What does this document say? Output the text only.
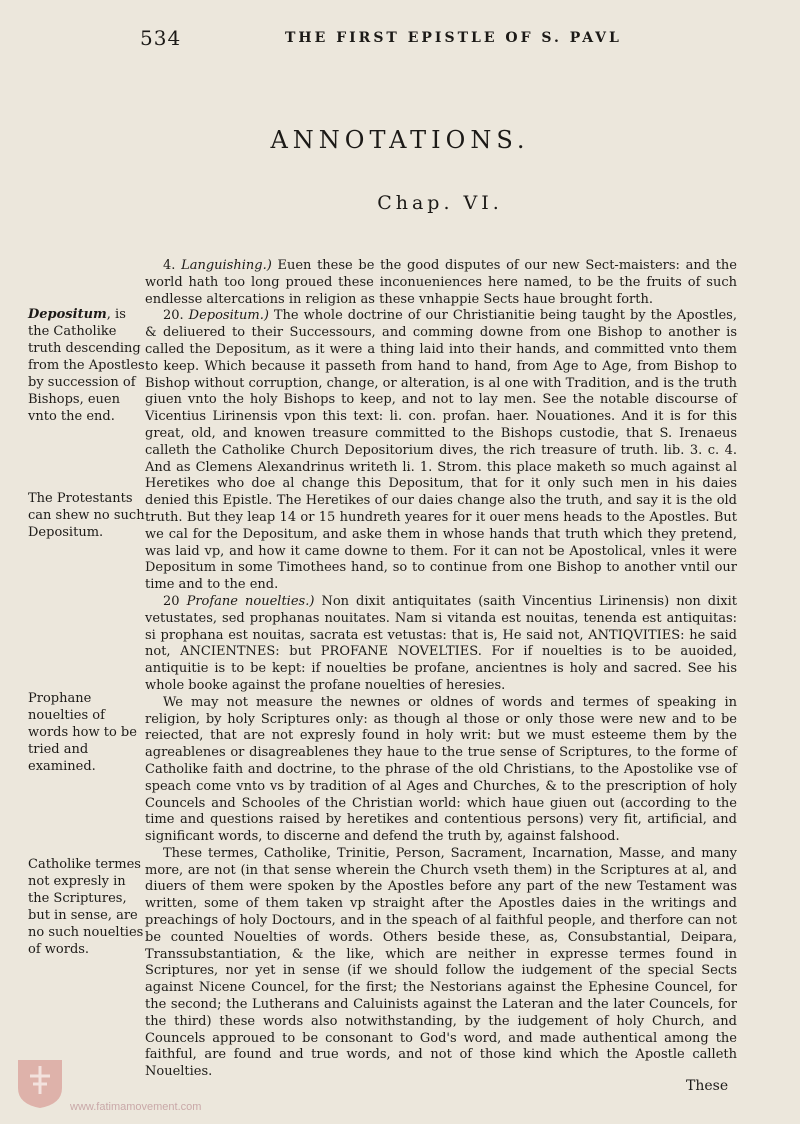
534	THE FIRST EPISTLE OF S. PAVL
ANNOTATIONS.
Chap. VI.
Depositum, is the Catholike truth descending from the Apostles by succession of Bishops, euen vnto the end.
The Protestants can shew no such Depositum.
Prophane nouelties of words how to be tried and examined.
Catholike termes not expresly in the Scriptures, but in sense, are no such nouelties of words.

4. Languishing.) Euen these be the good disputes of our new Sect-maisters: and the world hath too long proued these inconueniences here named, to be the fruits of such endlesse altercations in religion as these vnhappie Sects haue brought forth.

20. Depositum.) The whole doctrine of our Christianitie being taught by the Apostles, & deliuered to their Successours, and comming downe from one Bishop to another is called the Depositum, as it were a thing laid into their hands, and committed vnto them to keep. Which because it passeth from hand to hand, from Age to Age, from Bishop to Bishop without corruption, change, or alteration, is al one with Tradition, and is the truth giuen vnto the holy Bishops to keep, and not to lay men. See the notable discourse of Vicentius Lirinensis vpon this text: li. con. profan. haer. Nouationes. And it is for this great, old, and knowen treasure committed to the Bishops custodie, that S. Irenaeus calleth the Catholike Church Depositorium dives, the rich treasure of truth. lib. 3. c. 4. And as Clemens Alexandrinus writeth li. 1. Strom. this place maketh so much against al Heretikes who doe al change this Depositum, that for it only such men in his daies denied this Epistle. The Heretikes of our daies change also the truth, and say it is the old truth. But they leap 14 or 15 hundreth yeares for it ouer mens heads to the Apostles. But we cal for the Depositum, and aske them in whose hands that truth which they pretend, was laid vp, and how it came downe to them. For it can not be Apostolical, vnles it were Depositum in some Timothees hand, so to continue from one Bishop to another vntil our time and to the end.

20 Profane nouelties.) Non dixit antiquitates (saith Vincentius Lirinensis) non dixit vetustates, sed prophanas nouitates. Nam si vitanda est nouitas, tenenda est antiquitas: si prophana est nouitas, sacrata est vetustas: that is, He said not, ANTIQVITIES: he said not, ANCIENTNES: but PROFANE NOVELTIES. For if nouelties is to be auoided, antiquitie is to be kept: if nouelties be profane, ancientnes is holy and sacred. See his whole booke against the profane nouelties of heresies.

We may not measure the newnes or oldnes of words and termes of speaking in religion, by holy Scriptures only: as though al those or only those were new and to be reiected, that are not expresly found in holy writ: but we must esteeme them by the agreablenes or disagreablenes they haue to the true sense of Scriptures, to the forme of Catholike faith and doctrine, to the phrase of the old Christians, to the Apostolike vse of speach come vnto vs by tradition of al Ages and Churches, & to the prescription of holy Councels and Schooles of the Christian world: which haue giuen out (according to the time and questions raised by heretikes and contentious persons) very fit, artificial, and significant words, to discerne and defend the truth by, against falshood.

These termes, Catholike, Trinitie, Person, Sacrament, Incarnation, Masse, and many more, are not (in that sense wherein the Church vseth them) in the Scriptures at al, and diuers of them were spoken by the Apostles before any part of the new Testament was written, some of them taken vp straight after the Apostles daies in the writings and preachings of holy Doctours, and in the speach of al faithful people, and therfore can not be counted Nouelties of words. Others beside these, as, Consubstantial, Deipara, Transsubstantiation, & the like, which are neither in expresse termes found in Scriptures, nor yet in sense (if we should follow the iudgement of the special Sects against Nicene Councel, for the first; the Nestorians against the Ephesine Councel, for the second; the Lutherans and Caluinists against the Lateran and the later Councels, for the third) these words also notwithstanding, by the iudgement of holy Church, and Councels approued to be consonant to God's word, and made authentical among the faithful, are found and true words, and not of those kind which the Apostle calleth Nouelties.

These
www.fatimamovement.com
